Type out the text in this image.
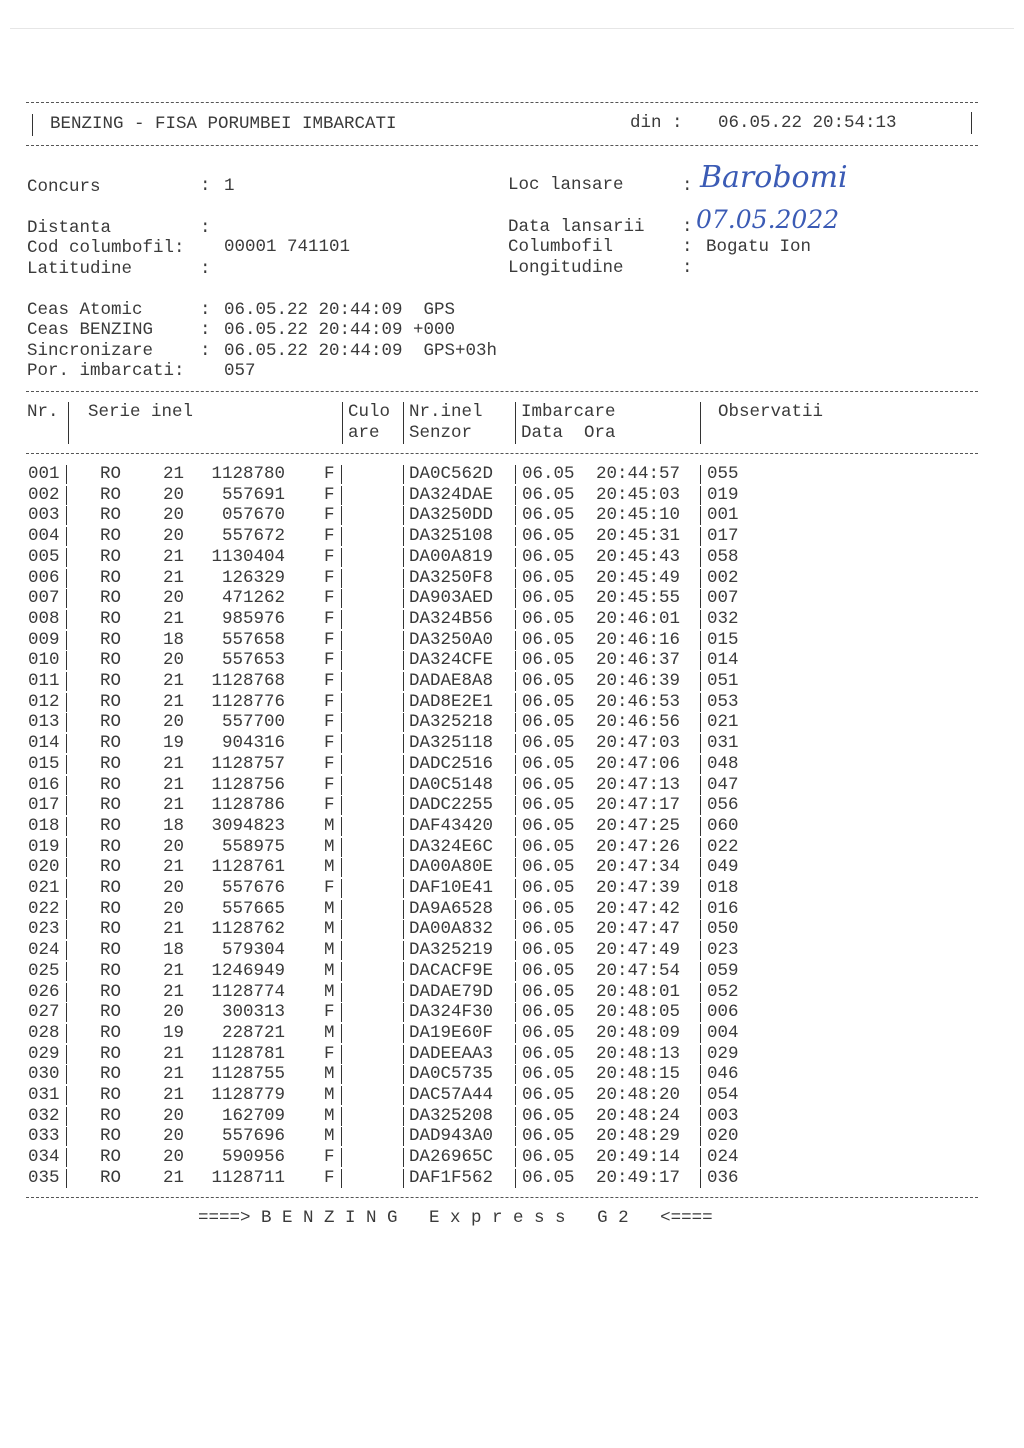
BENZING - FISA PORUMBEI IMBARCATI	din : 06.05.22 20:54:13
Concurs	: 1	Loc lansare	: Barobomi
Distanta	:	Data lansarii : 07.05.2022
Cod columbofil: 00001 741101	Columbofil	: Bogatu Ion
Latitudine	:	Longitudine	:
Ceas Atomic	: 06.05.22 20:44:09  GPS
Ceas BENZING	: 06.05.22 20:44:09 +000
Sincronizare	: 06.05.22 20:44:09  GPS+03h
Por. imbarcati: 057
Nr. Serie inel	Culo
are
Nr.inel
Senzor
Imbarcare
Data  Ora
Observatii
001 RO 21	1128780 F	DA0C562D 06.05 20:44:57 055
002 RO 20	557691 F	DA324DAE 06.05 20:45:03 019
003 RO 20	057670 F	DA3250DD 06.05 20:45:10 001
004 RO 20	557672 F	DA325108 06.05 20:45:31 017
005 RO 21	1130404 F	DA00A819 06.05 20:45:43 058
006 RO 21	126329 F	DA3250F8 06.05 20:45:49 002
007 RO 20	471262 F	DA903AED 06.05 20:45:55 007
008 RO 21	985976 F	DA324B56 06.05 20:46:01 032
009 RO 18	557658 F	DA3250A0 06.05 20:46:16 015
010 RO 20	557653 F	DA324CFE 06.05 20:46:37 014
011 RO 21	1128768 F	DADAE8A8 06.05 20:46:39 051
012 RO 21	1128776 F	DAD8E2E1 06.05 20:46:53 053
013 RO 20	557700 F	DA325218 06.05 20:46:56 021
014 RO 19	904316 F	DA325118 06.05 20:47:03 031
015 RO 21	1128757 F	DADC2516 06.05 20:47:06 048
016 RO 21	1128756 F	DA0C5148 06.05 20:47:13 047
017 RO 21	1128786 F	DADC2255 06.05 20:47:17 056
018 RO 18	3094823 M	DAF43420 06.05 20:47:25 060
019 RO 20	558975 M	DA324E6C 06.05 20:47:26 022
020 RO 21	1128761 M	DA00A80E 06.05 20:47:34 049
021 RO 20	557676 F	DAF10E41 06.05 20:47:39 018
022 RO 20	557665 M	DA9A6528 06.05 20:47:42 016
023 RO 21	1128762 M	DA00A832 06.05 20:47:47 050
024 RO 18	579304 M	DA325219 06.05 20:47:49 023
025 RO 21	1246949 M	DACACF9E 06.05 20:47:54 059
026 RO 21	1128774 M	DADAE79D 06.05 20:48:01 052
027 RO 20	300313 F	DA324F30 06.05 20:48:05 006
028 RO 19	228721 M	DA19E60F 06.05 20:48:09 004
029 RO 21	1128781 F	DADEEAA3 06.05 20:48:13 029
030 RO 21	1128755 M	DA0C5735 06.05 20:48:15 046
031 RO 21	1128779 M	DAC57A44 06.05 20:48:20 054
032 RO 20	162709 M	DA325208 06.05 20:48:24 003
033 RO 20	557696 M	DAD943A0 06.05 20:48:29 020
034 RO 20	590956 F	DA26965C 06.05 20:49:14 024
035 RO 21	1128711 F	DAF1F562 06.05 20:49:17 036
====> B E N Z I N G   E x p r e s s   G 2   <====
